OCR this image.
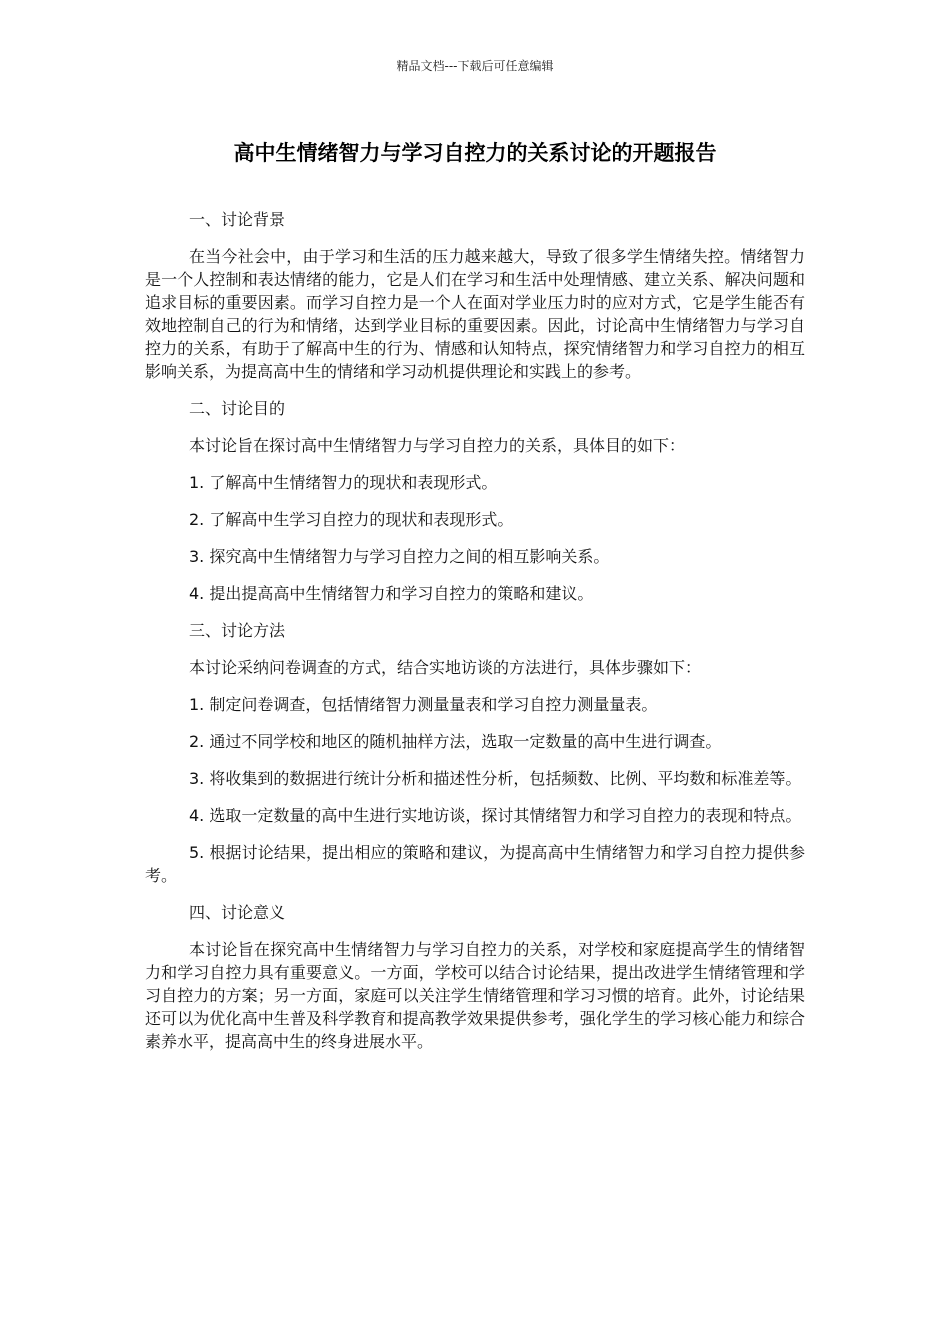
精品文档---下载后可任意编辑
高中生情绪智力与学习自控力的关系讨论的开题报告

一、讨论背景

在当今社会中，由于学习和生活的压力越来越大，导致了很多学生情绪失控。情绪智力是一个人控制和表达情绪的能力，它是人们在学习和生活中处理情感、建立关系、解决问题和追求目标的重要因素。而学习自控力是一个人在面对学业压力时的应对方式，它是学生能否有效地控制自己的行为和情绪，达到学业目标的重要因素。因此，讨论高中生情绪智力与学习自控力的关系，有助于了解高中生的行为、情感和认知特点，探究情绪智力和学习自控力的相互影响关系，为提高高中生的情绪和学习动机提供理论和实践上的参考。

二、讨论目的

本讨论旨在探讨高中生情绪智力与学习自控力的关系，具体目的如下：

1. 了解高中生情绪智力的现状和表现形式。

2. 了解高中生学习自控力的现状和表现形式。

3. 探究高中生情绪智力与学习自控力之间的相互影响关系。

4. 提出提高高中生情绪智力和学习自控力的策略和建议。

三、讨论方法

本讨论采纳问卷调查的方式，结合实地访谈的方法进行，具体步骤如下：

1. 制定问卷调查，包括情绪智力测量量表和学习自控力测量量表。

2. 通过不同学校和地区的随机抽样方法，选取一定数量的高中生进行调查。

3. 将收集到的数据进行统计分析和描述性分析，包括频数、比例、平均数和标准差等。

4. 选取一定数量的高中生进行实地访谈，探讨其情绪智力和学习自控力的表现和特点。

5. 根据讨论结果，提出相应的策略和建议，为提高高中生情绪智力和学习自控力提供参考。

四、讨论意义

本讨论旨在探究高中生情绪智力与学习自控力的关系，对学校和家庭提高学生的情绪智力和学习自控力具有重要意义。一方面，学校可以结合讨论结果，提出改进学生情绪管理和学习自控力的方案；另一方面，家庭可以关注学生情绪管理和学习习惯的培育。此外，讨论结果还可以为优化高中生普及科学教育和提高教学效果提供参考，强化学生的学习核心能力和综合素养水平，提高高中生的终身进展水平。
